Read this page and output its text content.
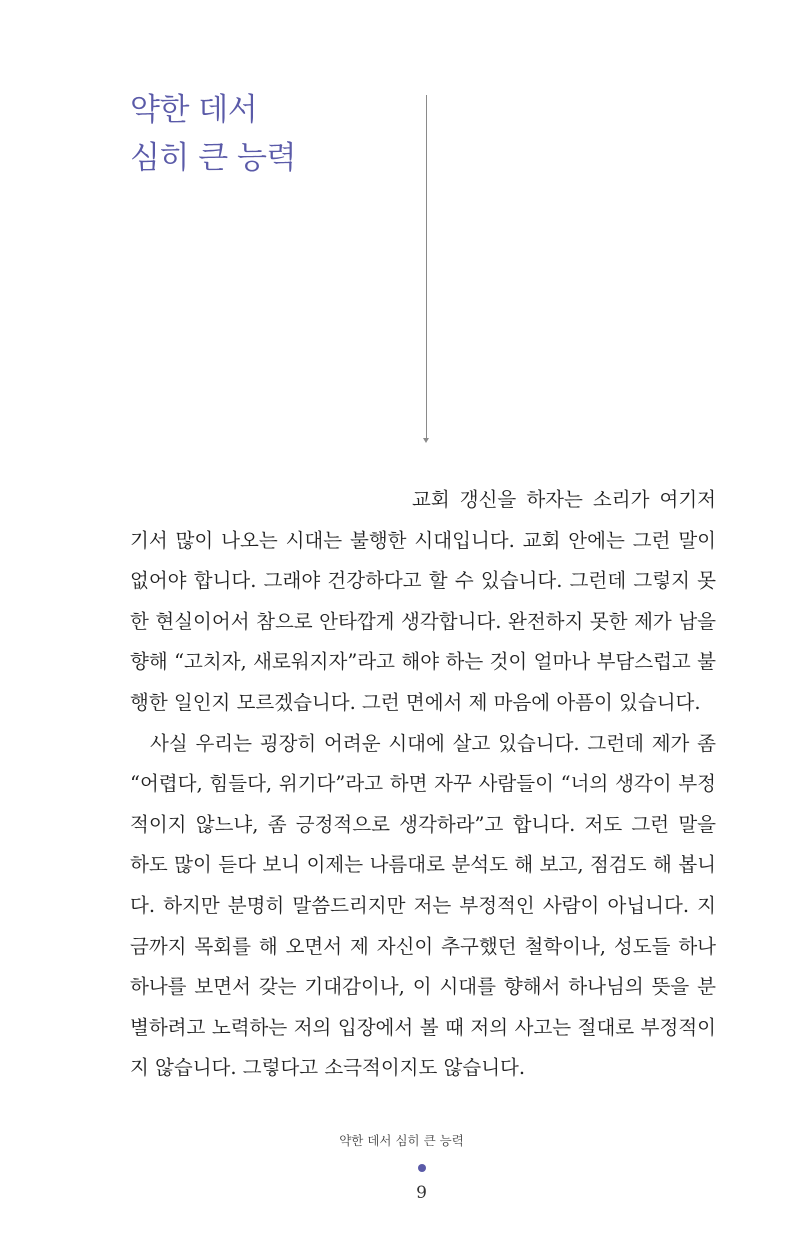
약한 데서
심히 큰 능력

교회 갱신을 하자는 소리가 여기저기서 많이 나오는 시대는 불행한 시대입니다. 교회 안에는 그런 말이 없어야 합니다. 그래야 건강하다고 할 수 있습니다. 그런데 그렇지 못한 현실이어서 참으로 안타깝게 생각합니다. 완전하지 못한 제가 남을 향해 “고치자, 새로워지자”라고 해야 하는 것이 얼마나 부담스럽고 불행한 일인지 모르겠습니다. 그런 면에서 제 마음에 아픔이 있습니다.

사실 우리는 굉장히 어려운 시대에 살고 있습니다. 그런데 제가 좀 “어렵다, 힘들다, 위기다”라고 하면 자꾸 사람들이 “너의 생각이 부정적이지 않느냐, 좀 긍정적으로 생각하라”고 합니다. 저도 그런 말을 하도 많이 듣다 보니 이제는 나름대로 분석도 해 보고, 점검도 해 봅니다. 하지만 분명히 말씀드리지만 저는 부정적인 사람이 아닙니다. 지금까지 목회를 해 오면서 제 자신이 추구했던 철학이나, 성도들 하나하나를 보면서 갖는 기대감이나, 이 시대를 향해서 하나님의 뜻을 분별하려고 노력하는 저의 입장에서 볼 때 저의 사고는 절대로 부정적이지 않습니다. 그렇다고 소극적이지도 않습니다.

약한 데서 심히 큰 능력
9
